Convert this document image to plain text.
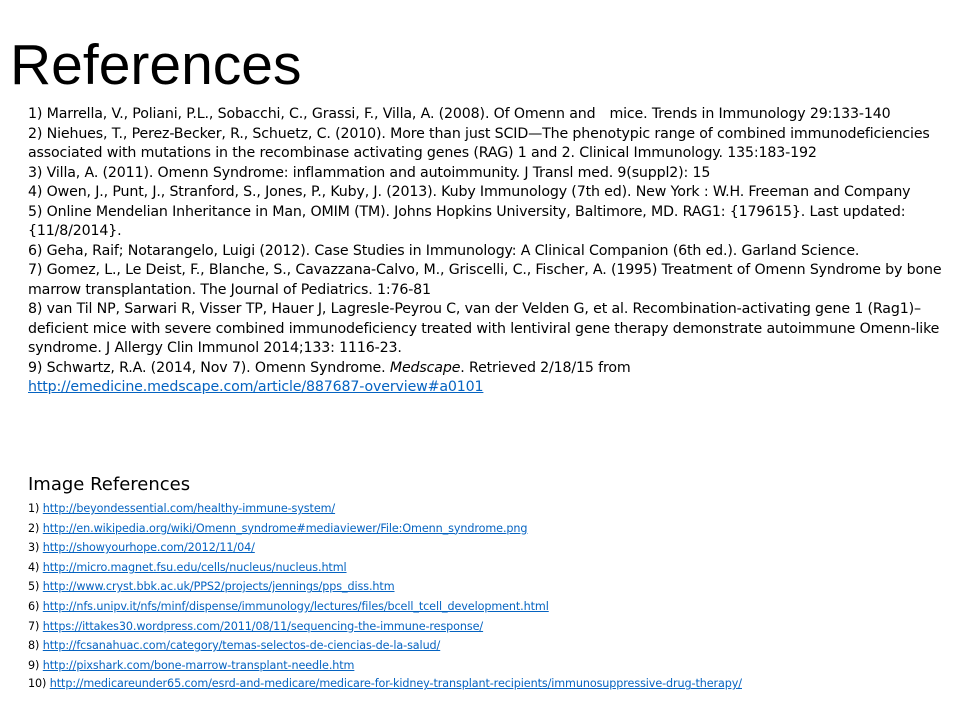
References

1) Marrella, V., Poliani, P.L., Sobacchi, C., Grassi, F., Villa, A. (2008). Of Omenn and mice. Trends in Immunology 29:133-140

2) Niehues, T., Perez-Becker, R., Schuetz, C. (2010). More than just SCID—The phenotypic range of combined immunodeficiencies associated with mutations in the recombinase activating genes (RAG) 1 and 2. Clinical Immunology. 135:183-192

3) Villa, A. (2011). Omenn Syndrome: inflammation and autoimmunity. J Transl med. 9(suppl2): 15

4) Owen, J., Punt, J., Stranford, S., Jones, P., Kuby, J. (2013). Kuby Immunology (7th ed). New York : W.H. Freeman and Company

5) Online Mendelian Inheritance in Man, OMIM (TM). Johns Hopkins University, Baltimore, MD. RAG1: {179615}. Last updated: {11/8/2014}.

6) Geha, Raif; Notarangelo, Luigi (2012). Case Studies in Immunology: A Clinical Companion (6th ed.). Garland Science.

7) Gomez, L., Le Deist, F., Blanche, S., Cavazzana-Calvo, M., Griscelli, C., Fischer, A. (1995) Treatment of Omenn Syndrome by bone marrow transplantation. The Journal of Pediatrics. 1:76-81

8) van Til NP, Sarwari R, Visser TP, Hauer J, Lagresle-Peyrou C, van der Velden G, et al. Recombination-activating gene 1 (Rag1)–deficient mice with severe combined immunodeficiency treated with lentiviral gene therapy demonstrate autoimmune Omenn-like syndrome. J Allergy Clin Immunol 2014;133: 1116-23.

9) Schwartz, R.A. (2014, Nov 7). Omenn Syndrome. Medscape. Retrieved 2/18/15 from http://emedicine.medscape.com/article/887687-overview#a0101

Image References

1) http://beyondessential.com/healthy-immune-system/

2) http://en.wikipedia.org/wiki/Omenn_syndrome#mediaviewer/File:Omenn_syndrome.png

3) http://showyourhope.com/2012/11/04/

4) http://micro.magnet.fsu.edu/cells/nucleus/nucleus.html

5) http://www.cryst.bbk.ac.uk/PPS2/projects/jennings/pps_diss.htm

6) http://nfs.unipv.it/nfs/minf/dispense/immunology/lectures/files/bcell_tcell_development.html

7) https://ittakes30.wordpress.com/2011/08/11/sequencing-the-immune-response/

8) http://fcsanahuac.com/category/temas-selectos-de-ciencias-de-la-salud/

9) http://pixshark.com/bone-marrow-transplant-needle.htm

10) http://medicareunder65.com/esrd-and-medicare/medicare-for-kidney-transplant-recipients/immunosuppressive-drug-therapy/
